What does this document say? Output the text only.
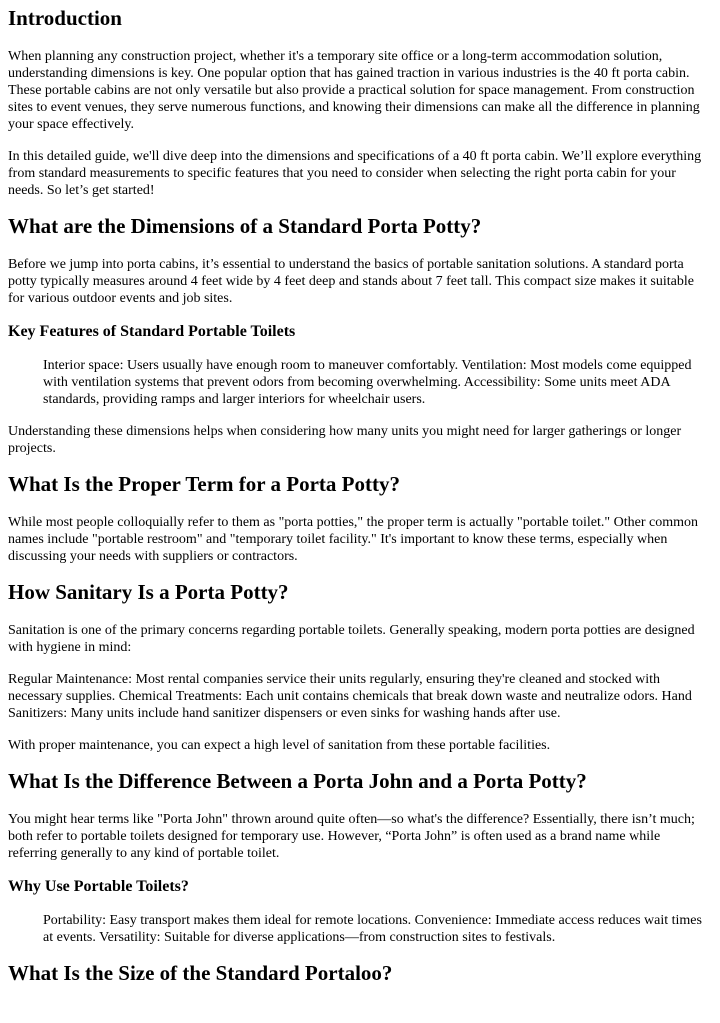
Introduction

When planning any construction project, whether it's a temporary site office or a long-term accommodation solution, understanding dimensions is key. One popular option that has gained traction in various industries is the 40 ft porta cabin. These portable cabins are not only versatile but also provide a practical solution for space management. From construction sites to event venues, they serve numerous functions, and knowing their dimensions can make all the difference in planning your space effectively.

In this detailed guide, we'll dive deep into the dimensions and specifications of a 40 ft porta cabin. We’ll explore everything from standard measurements to specific features that you need to consider when selecting the right porta cabin for your needs. So let’s get started!

What are the Dimensions of a Standard Porta Potty?

Before we jump into porta cabins, it’s essential to understand the basics of portable sanitation solutions. A standard porta potty typically measures around 4 feet wide by 4 feet deep and stands about 7 feet tall. This compact size makes it suitable for various outdoor events and job sites.

Key Features of Standard Portable Toilets
Interior space: Users usually have enough room to maneuver comfortably. Ventilation: Most models come equipped with ventilation systems that prevent odors from becoming overwhelming. Accessibility: Some units meet ADA standards, providing ramps and larger interiors for wheelchair users.

Understanding these dimensions helps when considering how many units you might need for larger gatherings or longer projects.

What Is the Proper Term for a Porta Potty?

While most people colloquially refer to them as "porta potties," the proper term is actually "portable toilet." Other common names include "portable restroom" and "temporary toilet facility." It's important to know these terms, especially when discussing your needs with suppliers or contractors.

How Sanitary Is a Porta Potty?

Sanitation is one of the primary concerns regarding portable toilets. Generally speaking, modern porta potties are designed with hygiene in mind:

Regular Maintenance: Most rental companies service their units regularly, ensuring they're cleaned and stocked with necessary supplies. Chemical Treatments: Each unit contains chemicals that break down waste and neutralize odors. Hand Sanitizers: Many units include hand sanitizer dispensers or even sinks for washing hands after use.

With proper maintenance, you can expect a high level of sanitation from these portable facilities.

What Is the Difference Between a Porta John and a Porta Potty?

You might hear terms like "Porta John" thrown around quite often—so what's the difference? Essentially, there isn’t much; both refer to portable toilets designed for temporary use. However, “Porta John” is often used as a brand name while referring generally to any kind of portable toilet.

Why Use Portable Toilets?
Portability: Easy transport makes them ideal for remote locations. Convenience: Immediate access reduces wait times at events. Versatility: Suitable for diverse applications—from construction sites to festivals.
What Is the Size of the Standard Portaloo?
